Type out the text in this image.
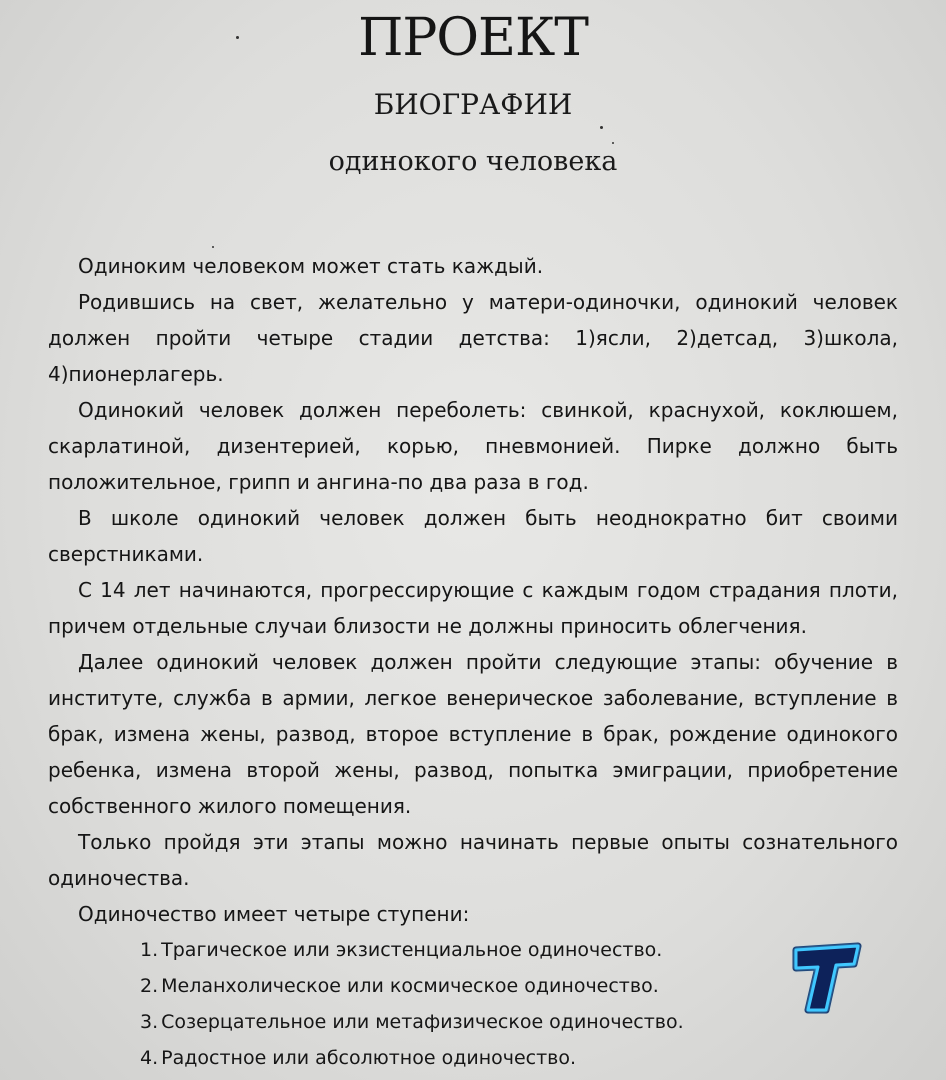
ПРОЕКТ
БИОГРАФИИ
одинокого человека

Одиноким человеком может стать каждый.

Родившись на свет, желательно у матери-одиночки, одинокий человек должен пройти четыре стадии детства: 1)ясли, 2)детсад, 3)школа, 4)пионерлагерь.

Одинокий человек должен переболеть: свинкой, краснухой, коклюшем, скарлатиной, дизентерией, корью, пневмонией. Пирке должно быть положительное, грипп и ангина-по два раза в год.

В школе одинокий человек должен быть неоднократно бит своими сверстниками.

С 14 лет начинаются, прогрессирующие с каждым годом страдания плоти, причем отдельные случаи близости не должны приносить облегчения.

Далее одинокий человек должен пройти следующие этапы: обучение в институте, служба в армии, легкое венерическое заболевание, вступление в брак, измена жены, развод, второе вступление в брак, рождение одинокого ребенка, измена второй жены, развод, попытка эмиграции, приобретение собственного жилого помещения.

Только пройдя эти этапы можно начинать первые опыты сознательного одиночества.

Одиночество имеет четыре ступени:

1. Трагическое или экзистенциальное одиночество.
2. Меланхолическое или космическое одиночество.
3. Созерцательное или метафизическое одиночество.
4. Радостное или абсолютное одиночество.
